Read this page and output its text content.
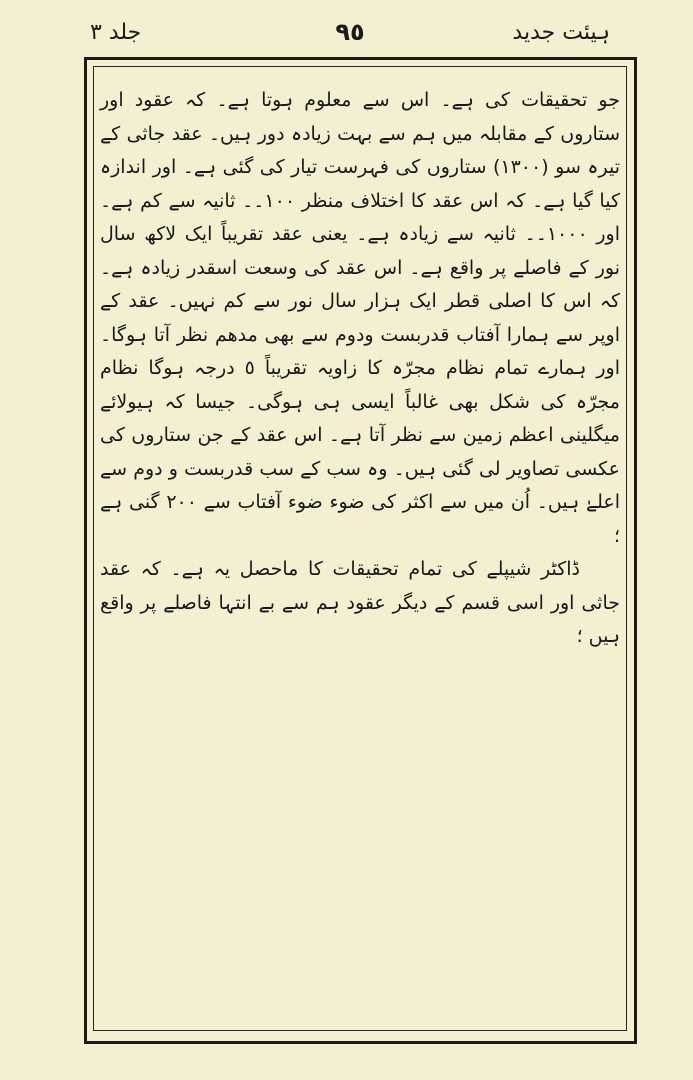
ہیئت جدید
٩٥
جلد ٣

جو تحقیقات کی ہے۔ اس سے معلوم ہوتا ہے۔ کہ عقود اور ستاروں کے مقابلہ میں ہم سے بہت زیادہ دور ہیں۔ عقد جاثی کے تیرہ سو (١٣٠٠) ستاروں کی فہرست تیار کی گئی ہے۔ اور اندازہ کیا گیا ہے۔ کہ اس عقد کا اختلاف منظر ١٠٠۔۔ ثانیہ سے کم ہے۔ اور ١٠٠٠۔۔ ثانیہ سے زیادہ ہے۔ یعنی عقد تقریباً ایک لاکھ سال نور کے فاصلے پر واقع ہے۔ اس عقد کی وسعت اسقدر زیادہ ہے۔ کہ اس کا اصلی قطر ایک ہزار سال نور سے کم نہیں۔ عقد کے اوپر سے ہمارا آفتاب قدربست ودوم سے بھی مدھم نظر آتا ہوگا۔ اور ہمارے تمام نظام مجرّہ کا زاویہ تقریباً ٥ درجہ ہوگا نظام مجرّہ کی شکل بھی غالباً ایسی ہی ہوگی۔ جیسا کہ ہیولائے میگلینی اعظم زمین سے نظر آتا ہے۔ اس عقد کے جن ستاروں کی عکسی تصاویر لی گئی ہیں۔ وہ سب کے سب قدربست و دوم سے اعلےٰ ہیں۔ اُن میں سے اکثر کی ضوء ضوء آفتاب سے ٢٠٠ گنی ہے ؛

ڈاکٹر شیپلے کی تمام تحقیقات کا ماحصل یہ ہے۔ کہ عقد جاثی اور اسی قسم کے دیگر عقود ہم سے بے انتہا فاصلے پر واقع ہیں ؛
